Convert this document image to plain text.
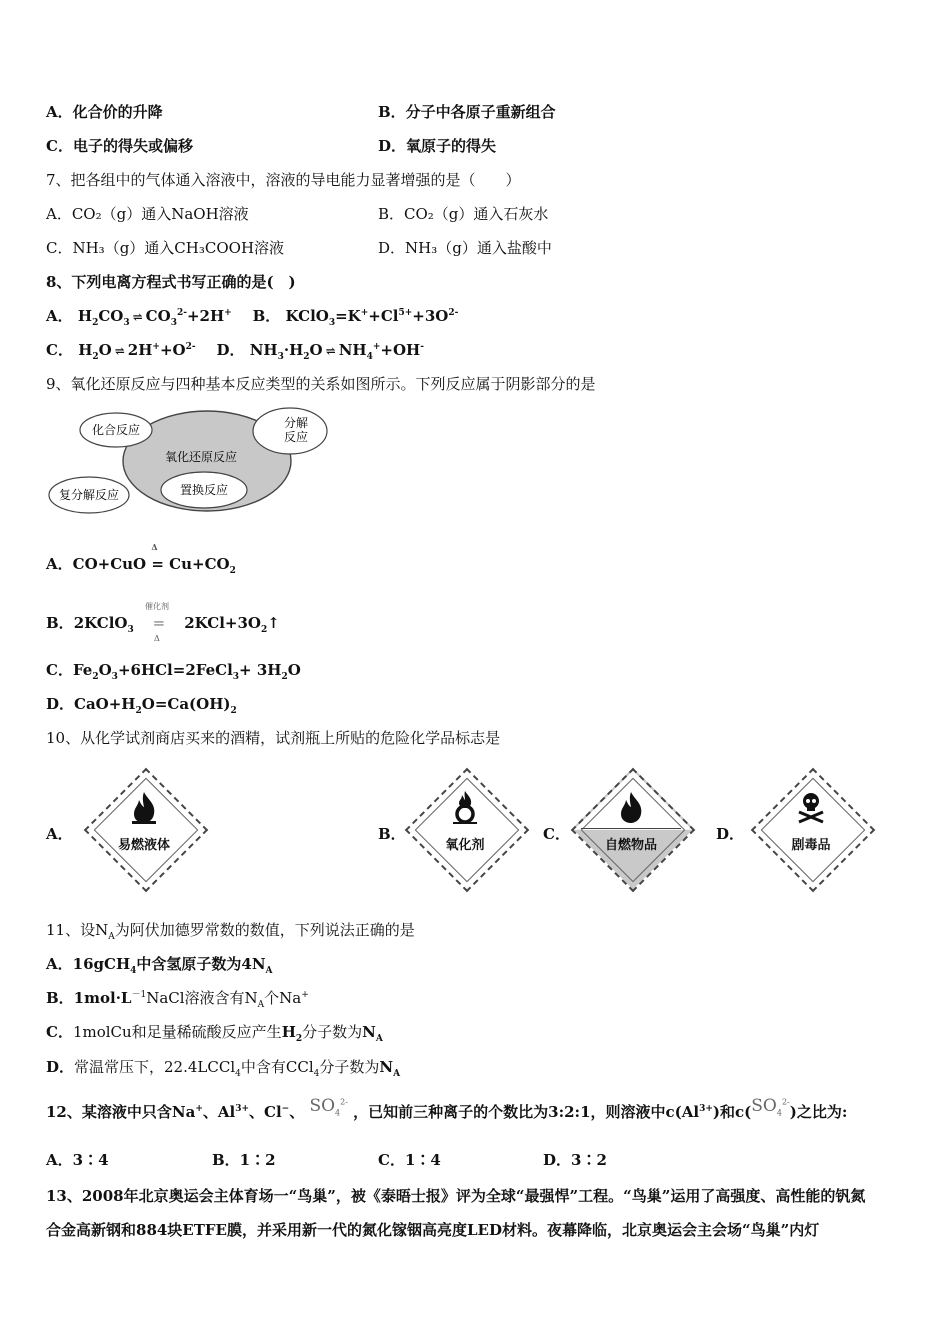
A．化合价的升降	B．分子中各原子重新组合
C．电子的得失或偏移	D．氧原子的得失
7、把各组中的气体通入溶液中，溶液的导电能力显著增强的是（　　）
A．CO₂（g）通入NaOH溶液	B．CO₂（g）通入石灰水
C．NH₃（g）通入CH₃COOH溶液	D．NH₃（g）通入盐酸中
8、下列电离方程式书写正确的是(　)
A． $H_2CO_3$ ⇌ $CO_3^{2-}+2H^+$ B． $KClO_3=K^++Cl^{5+}+3O^{2-}$
C． $H_2O$ ⇌ $2H^++O^{2-}$ D． $NH_3\cdot H_2O$ ⇌ $NH_4^++OH^-$
9、氧化还原反应与四种基本反应类型的关系如图所示。下列反应属于阴影部分的是
化合反应	分解
反应
氧化还原反应
置换反应
复分解反应
A．CO+CuO =
Δ
$Cu+CO_2$
B．2KClO$_3$ =
催化剂
Δ
$2KCl+3O_2↑$
C．$Fe_2O_3+6HCl=2FeCl_3+ 3H_2O$
D．$CaO+H_2O=Ca(OH)_2$
10、从化学试剂商店买来的酒精，试剂瓶上所贴的危险化学品标志是
A．
易燃液体
B．
氧化剂
C．
自燃物品
D．
剧毒品
11、设$N_A$为阿伏加德罗常数的数值，下列说法正确的是
A．16gCH$_4$中含氢原子数为$4N_A$
B．$1mol\cdot L^{-1}NaCl$溶液含有$N_A$个Na+
C．1molCu和足量稀硫酸反应产生$H_2$分子数为$N_A$
D．常温常压下，22.4LCCl$_4$中含有CCl$_4$分子数为$N_A$
12、某溶液中只含Na+、$Al^{3+}$、Cl−、 $SO_4^{2-}$ ，已知前三种离子的个数比为3:2:1，则溶液中$c(Al^{3+})$和$c(SO_4^{2-})$之比为:
A．3∶4	B．1∶2	C．1∶4	D．3∶2
13、2008年北京奥运会主体育场一“鸟巢”，被《泰晤士报》评为全球“最强悍”工程。“鸟巢”运用了高强度、高性能的钒氮
合金高新钢和884块ETFE膜，并采用新一代的氮化镓铟高亮度LED材料。夜幕降临，北京奥运会主会场“鸟巢”内灯
